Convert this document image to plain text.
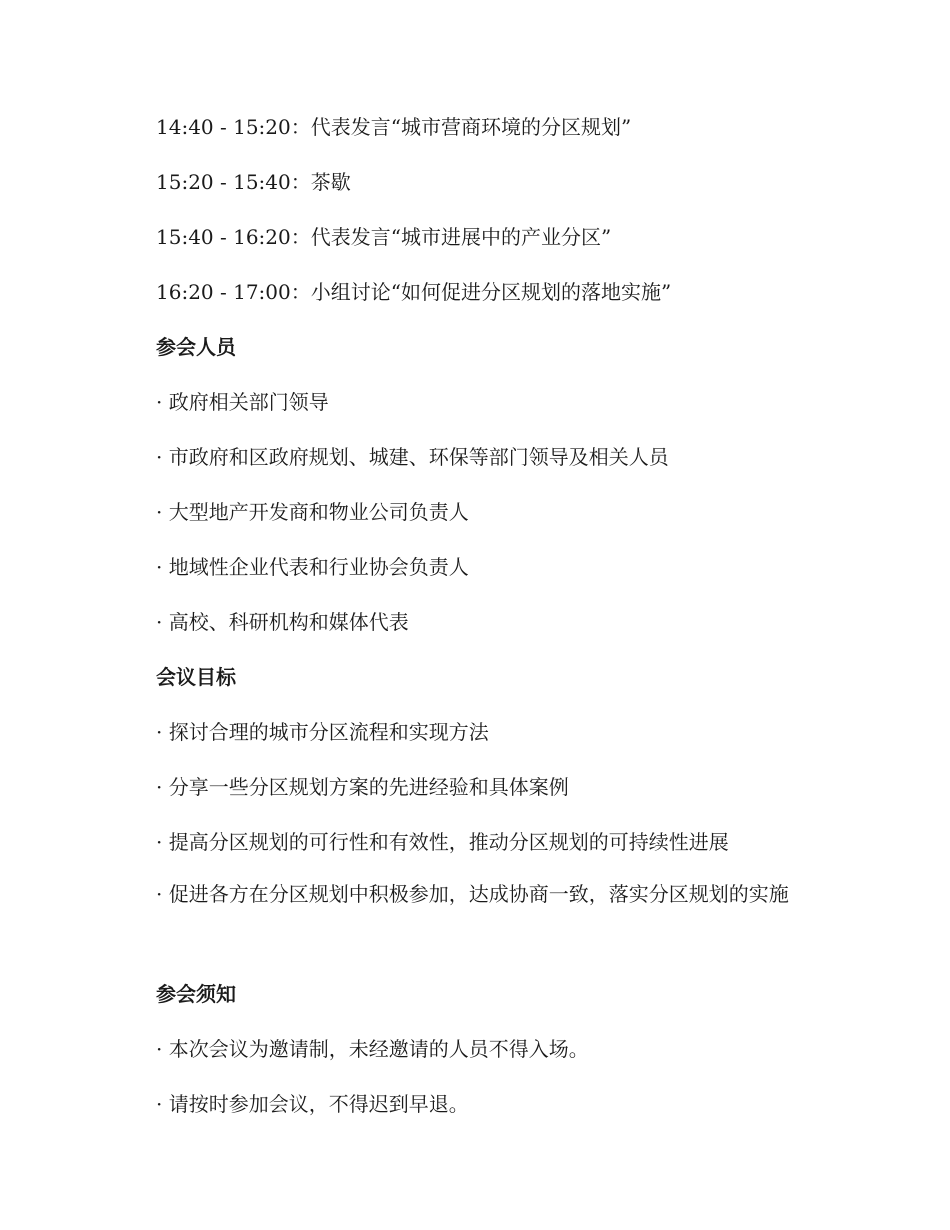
14:40 - 15:20：代表发言“城市营商环境的分区规划”
15:20 - 15:40：茶歇
15:40 - 16:20：代表发言“城市进展中的产业分区”
16:20 - 17:00：小组讨论“如何促进分区规划的落地实施”
参会人员
· 政府相关部门领导
· 市政府和区政府规划、城建、环保等部门领导及相关人员
· 大型地产开发商和物业公司负责人
· 地域性企业代表和行业协会负责人
· 高校、科研机构和媒体代表
会议目标
· 探讨合理的城市分区流程和实现方法
· 分享一些分区规划方案的先进经验和具体案例
· 提高分区规划的可行性和有效性，推动分区规划的可持续性进展
· 促进各方在分区规划中积极参加，达成协商一致，落实分区规划的实施
参会须知
· 本次会议为邀请制，未经邀请的人员不得入场。
· 请按时参加会议，不得迟到早退。
